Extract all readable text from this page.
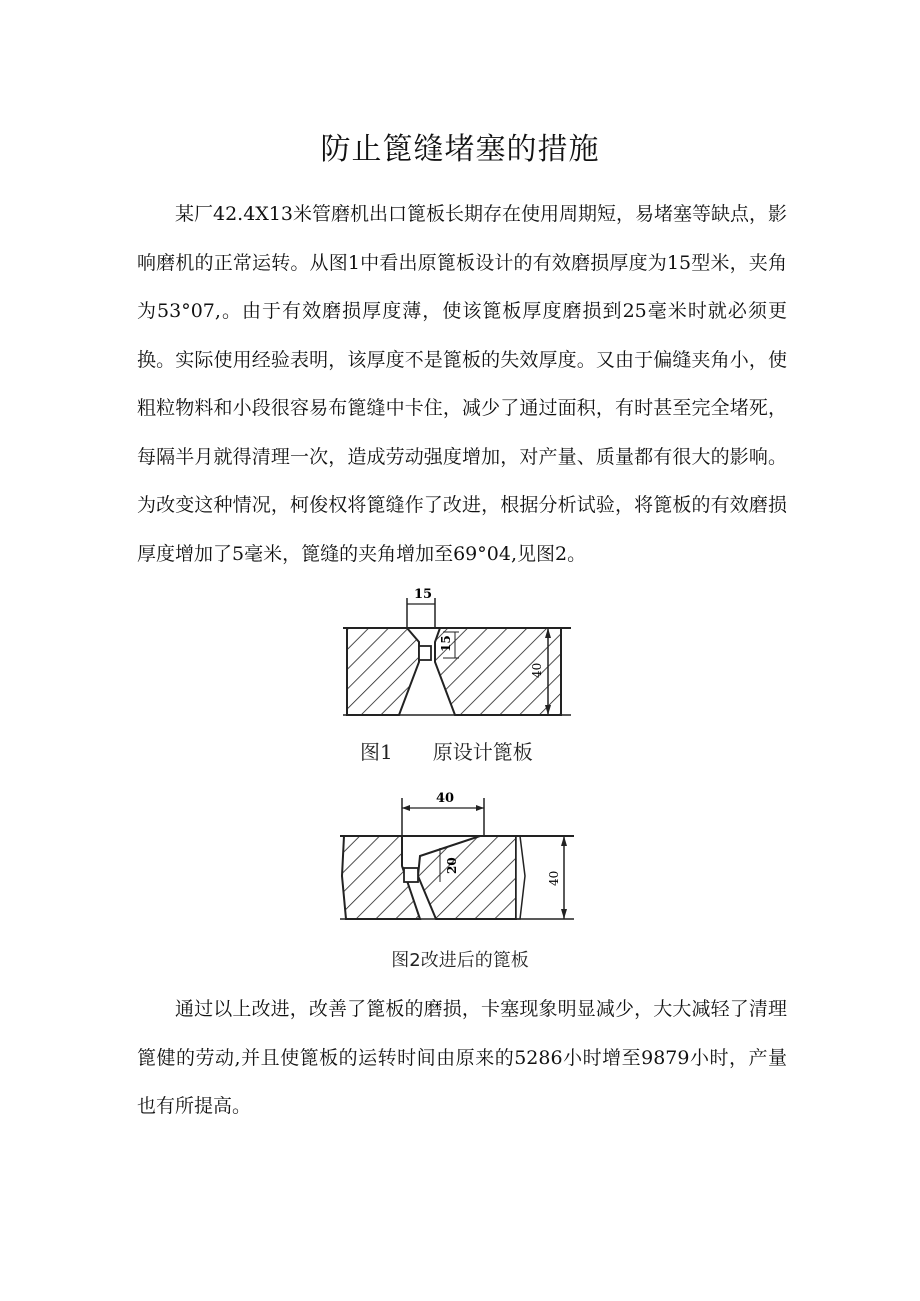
防止篦缝堵塞的措施

某厂42.4X13米管磨机出口篦板长期存在使用周期短，易堵塞等缺点，影响磨机的正常运转。从图1中看出原篦板设计的有效磨损厚度为15型米，夹角为53°07,。由于有效磨损厚度薄，使该篦板厚度磨损到25毫米时就必须更换。实际使用经验表明，该厚度不是篦板的失效厚度。又由于偏缝夹角小，使粗粒物料和小段很容易布篦缝中卡住，减少了通过面积，有时甚至完全堵死，每隔半月就得清理一次，造成劳动强度增加，对产量、质量都有很大的影响。为改变这种情况，柯俊权将篦缝作了改进，根据分析试验，将篦板的有效磨损厚度增加了5毫米，篦缝的夹角增加至69°04,见图2。

15
15
40
图1　　原设计篦板
40
20
40
图2改进后的篦板

通过以上改进，改善了篦板的磨损，卡塞现象明显减少，大大减轻了清理篦健的劳动,并且使篦板的运转时间由原来的5286小时增至9879小时，产量也有所提高。
